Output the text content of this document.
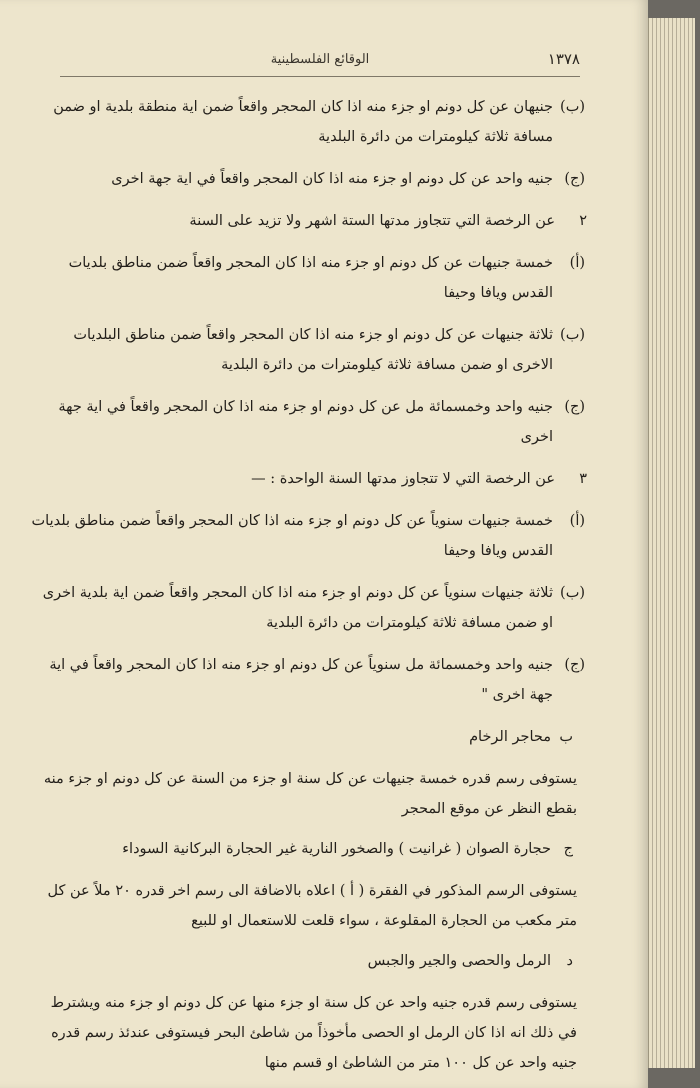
١٣٧٨
الوقائع الفلسطينية
(ب)
جنيهان عن كل دونم او جزء منه اذا كان المحجر واقعاً ضمن اية منطقة بلدية او ضمن مسافة ثلاثة كيلومترات من دائرة البلدية
(ج)
جنيه واحد عن كل دونم او جزء منه اذا كان المحجر واقعاً في اية جهة اخرى
٢
عن الرخصة التي تتجاوز مدتها الستة اشهر ولا تزيد على السنة
(أ)
خمسة جنيهات عن كل دونم او جزء منه اذا كان المحجر واقعاً ضمن مناطق بلديات القدس ويافا وحيفا
(ب)
ثلاثة جنيهات عن كل دونم او جزء منه اذا كان المحجر واقعاً ضمن مناطق البلديات الاخرى او ضمن مسافة ثلاثة كيلومترات من دائرة البلدية
(ج)
جنيه واحد وخمسمائة مل عن كل دونم او جزء منه اذا كان المحجر واقعاً في اية جهة اخرى
٣
عن الرخصة التي لا تتجاوز مدتها السنة الواحدة : —
(أ)
خمسة جنيهات سنوياً عن كل دونم او جزء منه اذا كان المحجر واقعاً ضمن مناطق بلديات القدس ويافا وحيفا
(ب)
ثلاثة جنيهات سنوياً عن كل دونم او جزء منه اذا كان المحجر واقعاً ضمن اية بلدية اخرى او ضمن مسافة ثلاثة كيلومترات من دائرة البلدية
(ج)
جنيه واحد وخمسمائة مل سنوياً عن كل دونم او جزء منه اذا كان المحجر واقعاً في اية جهة اخرى "
ب
محاجر الرخام
يستوفى رسم قدره خمسة جنيهات عن كل سنة او جزء من السنة عن كل دونم او جزء منه بقطع النظر عن موقع المحجر
ج
حجارة الصوان ( غرانيت ) والصخور النارية غير الحجارة البركانية السوداء
يستوفى الرسم المذكور في الفقرة ( أ ) اعلاه بالاضافة الى رسم اخر قدره ٢٠ ملاً عن كل متر مكعب من الحجارة المقلوعة ، سواء قلعت للاستعمال او للبيع
د
الرمل والحصى والجير والجبس
يستوفى رسم قدره جنيه واحد عن كل سنة او جزء منها عن كل دونم او جزء منه ويشترط في ذلك انه اذا كان الرمل او الحصى مأخوذاً من شاطئ البحر فيستوفى عندئذ رسم قدره جنيه واحد عن كل ١٠٠ متر من الشاطئ او قسم منها
